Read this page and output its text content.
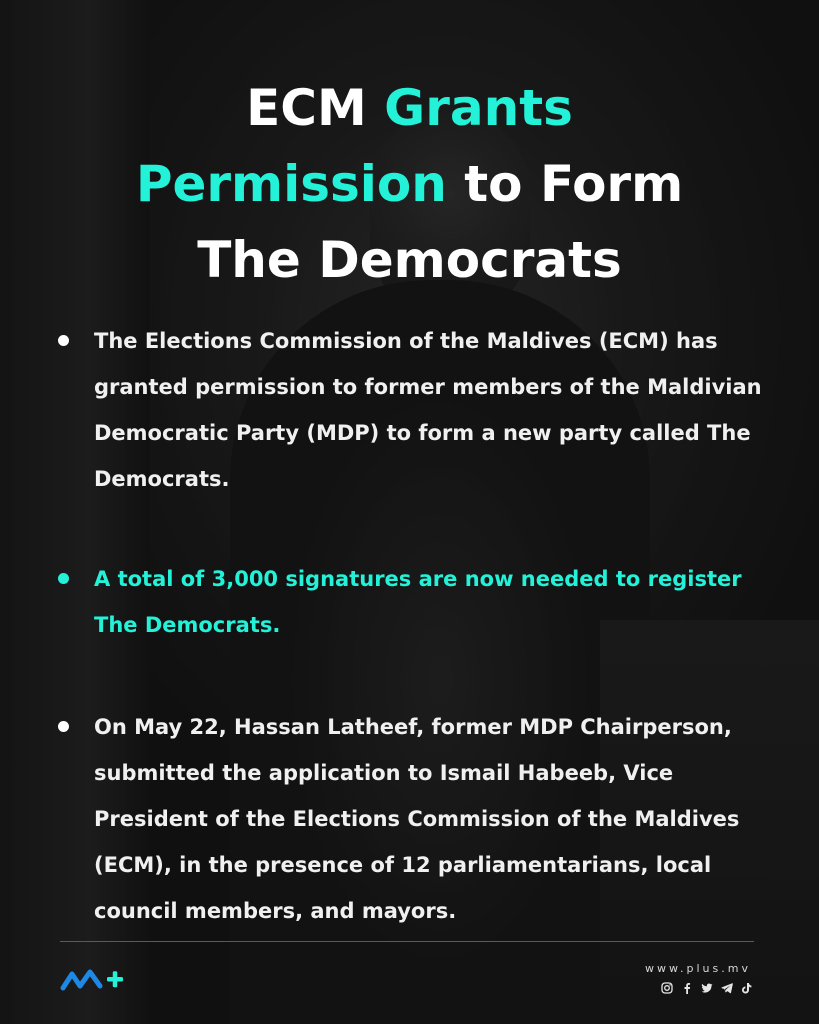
ECM Grants
Permission to Form
The Democrats
The Elections Commission of the Maldives (ECM) has granted permission to former members of the Maldivian Democratic Party (MDP) to form a new party called The Democrats.
A total of 3,000 signatures are now needed to register The Democrats.
On May 22, Hassan Latheef, former MDP Chairperson, submitted the application to Ismail Habeeb, Vice President of the Elections Commission of the Maldives (ECM), in the presence of 12 parliamentarians, local council members, and mayors.
www.plus.mv
